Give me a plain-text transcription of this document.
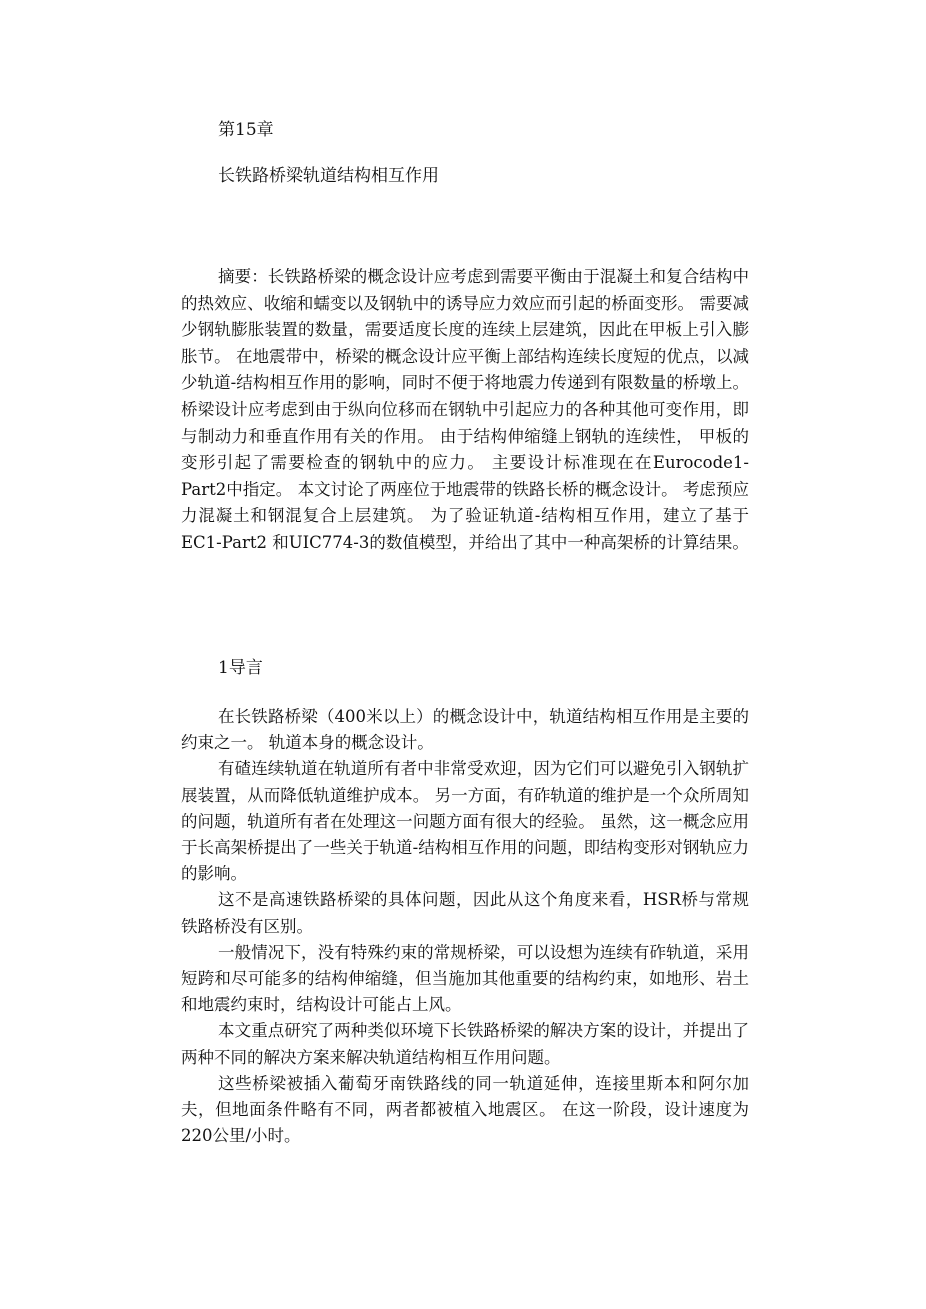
第15章
长铁路桥梁轨道结构相互作用

摘要：长铁路桥梁的概念设计应考虑到需要平衡由于混凝土和复合结构中的热效应、收缩和蠕变以及钢轨中的诱导应力效应而引起的桥面变形。 需要减少钢轨膨胀装置的数量，需要适度长度的连续上层建筑，因此在甲板上引入膨胀节。 在地震带中，桥梁的概念设计应平衡上部结构连续长度短的优点，以减少轨道-结构相互作用的影响，同时不便于将地震力传递到有限数量的桥墩上。 桥梁设计应考虑到由于纵向位移而在钢轨中引起应力的各种其他可变作用，即与制动力和垂直作用有关的作用。 由于结构伸缩缝上钢轨的连续性， 甲板的变形引起了需要检查的钢轨中的应力。 主要设计标准现在在Eurocode1-Part2中指定。 本文讨论了两座位于地震带的铁路长桥的概念设计。 考虑预应力混凝土和钢混复合上层建筑。 为了验证轨道-结构相互作用，建立了基于EC1-Part2 和UIC774-3的数值模型，并给出了其中一种高架桥的计算结果。

1导言

在长铁路桥梁（400米以上）的概念设计中，轨道结构相互作用是主要的约束之一。 轨道本身的概念设计。

有碴连续轨道在轨道所有者中非常受欢迎，因为它们可以避免引入钢轨扩展装置，从而降低轨道维护成本。 另一方面，有砟轨道的维护是一个众所周知的问题，轨道所有者在处理这一问题方面有很大的经验。 虽然，这一概念应用于长高架桥提出了一些关于轨道-结构相互作用的问题，即结构变形对钢轨应力的影响。

这不是高速铁路桥梁的具体问题，因此从这个角度来看，HSR桥与常规铁路桥没有区别。

一般情况下，没有特殊约束的常规桥梁，可以设想为连续有砟轨道，采用短跨和尽可能多的结构伸缩缝，但当施加其他重要的结构约束，如地形、岩土和地震约束时，结构设计可能占上风。

本文重点研究了两种类似环境下长铁路桥梁的解决方案的设计，并提出了两种不同的解决方案来解决轨道结构相互作用问题。

这些桥梁被插入葡萄牙南铁路线的同一轨道延伸，连接里斯本和阿尔加夫，但地面条件略有不同，两者都被植入地震区。 在这一阶段，设计速度为220公里/小时。
